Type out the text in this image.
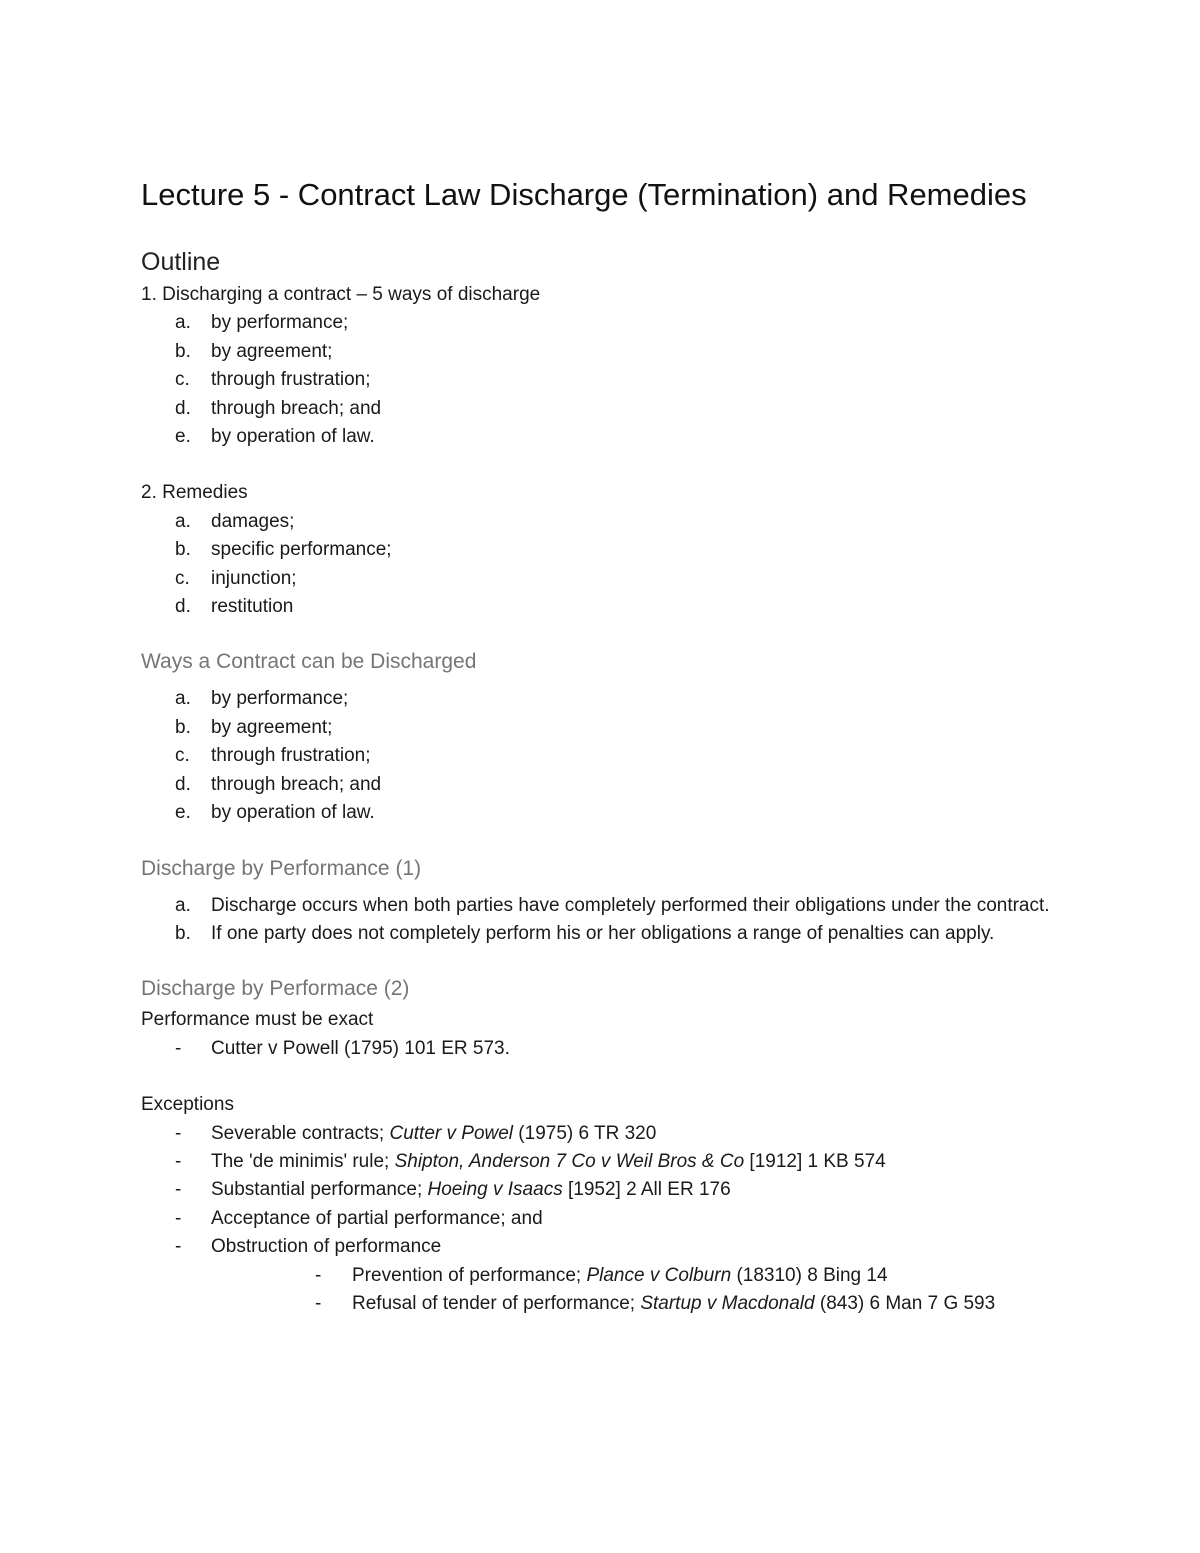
Lecture 5 - Contract Law Discharge (Termination) and Remedies
Outline

1. Discharging a contract – 5 ways of discharge

a. by performance;
b. by agreement;
c. through frustration;
d. through breach; and
e. by operation of law.

2. Remedies

a. damages;
b. specific performance;
c. injunction;
d. restitution
Ways a Contract can be Discharged
a. by performance;
b. by agreement;
c. through frustration;
d. through breach; and
e. by operation of law.
Discharge by Performance (1)
a. Discharge occurs when both parties have completely performed their obligations under the contract.
b. If one party does not completely perform his or her obligations a range of penalties can apply.
Discharge by Performace (2)

Performance must be exact

- Cutter v Powell (1795) 101 ER 573.

Exceptions

- Severable contracts; Cutter v Powel (1975) 6 TR 320
- The 'de minimis' rule; Shipton, Anderson 7 Co v Weil Bros & Co [1912] 1 KB 574
- Substantial performance; Hoeing v Isaacs [1952] 2 All ER 176
- Acceptance of partial performance; and
- Obstruction of performance
- Prevention of performance; Plance v Colburn (18310) 8 Bing 14
- Refusal of tender of performance; Startup v Macdonald (843) 6 Man 7 G 593
